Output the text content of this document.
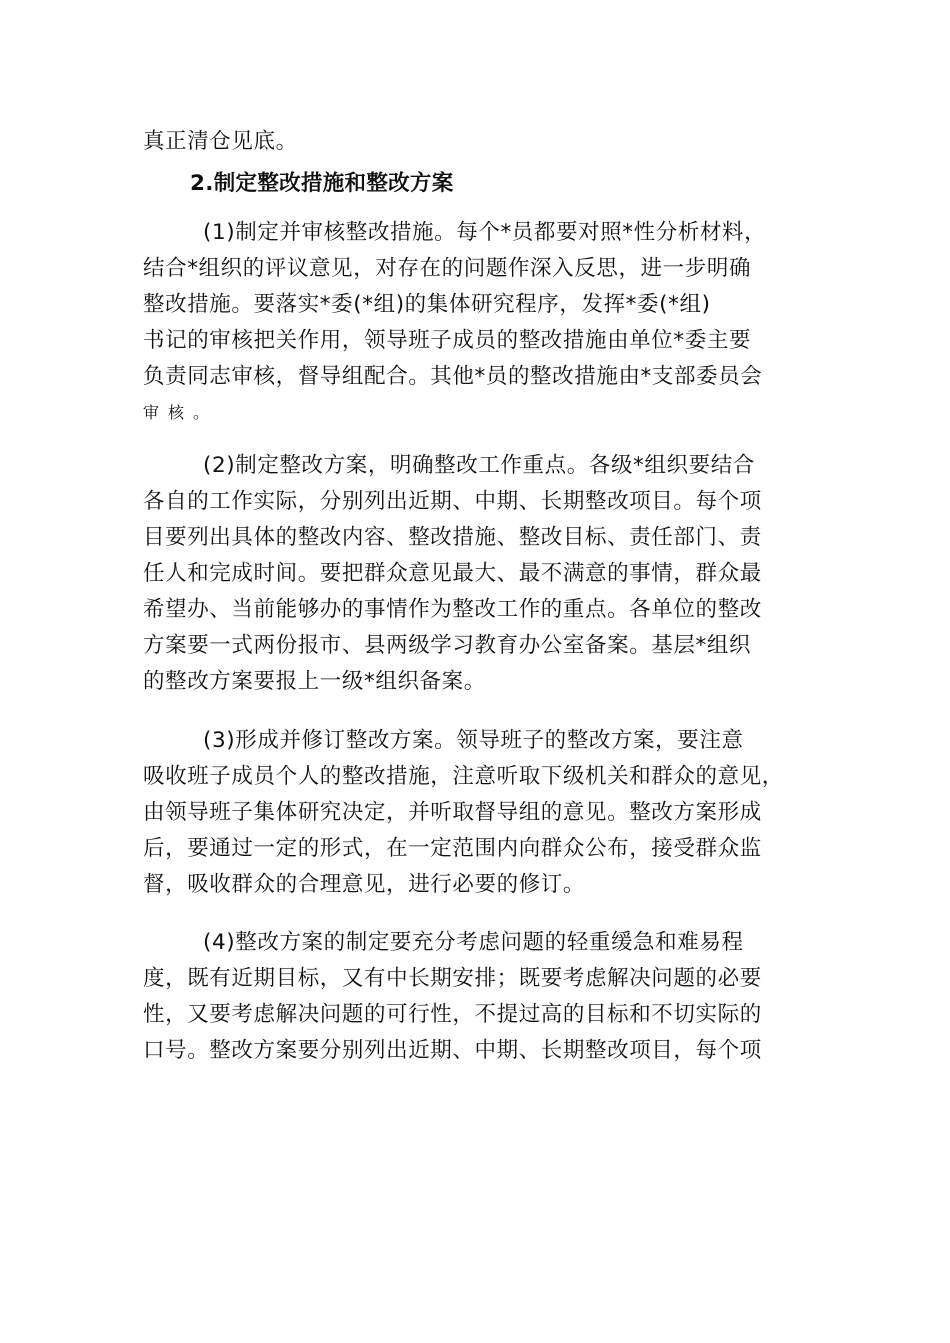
真正清仓见底。
2.制定整改措施和整改方案
(1)制定并审核整改措施。每个*员都要对照*性分析材料，
结合*组织的评议意见，对存在的问题作深入反思，进一步明确
整改措施。要落实*委(*组)的集体研究程序，发挥*委(*组)
书记的审核把关作用，领导班子成员的整改措施由单位*委主要
负责同志审核，督导组配合。其他*员的整改措施由*支部委员会
审核。
(2)制定整改方案，明确整改工作重点。各级*组织要结合
各自的工作实际，分别列出近期、中期、长期整改项目。每个项
目要列出具体的整改内容、整改措施、整改目标、责任部门、责
任人和完成时间。要把群众意见最大、最不满意的事情，群众最
希望办、当前能够办的事情作为整改工作的重点。各单位的整改
方案要一式两份报市、县两级学习教育办公室备案。基层*组织
的整改方案要报上一级*组织备案。
(3)形成并修订整改方案。领导班子的整改方案，要注意
吸收班子成员个人的整改措施，注意听取下级机关和群众的意见，
由领导班子集体研究决定，并听取督导组的意见。整改方案形成
后，要通过一定的形式，在一定范围内向群众公布，接受群众监
督，吸收群众的合理意见，进行必要的修订。
(4)整改方案的制定要充分考虑问题的轻重缓急和难易程
度，既有近期目标，又有中长期安排；既要考虑解决问题的必要
性，又要考虑解决问题的可行性，不提过高的目标和不切实际的
口号。整改方案要分别列出近期、中期、长期整改项目，每个项
